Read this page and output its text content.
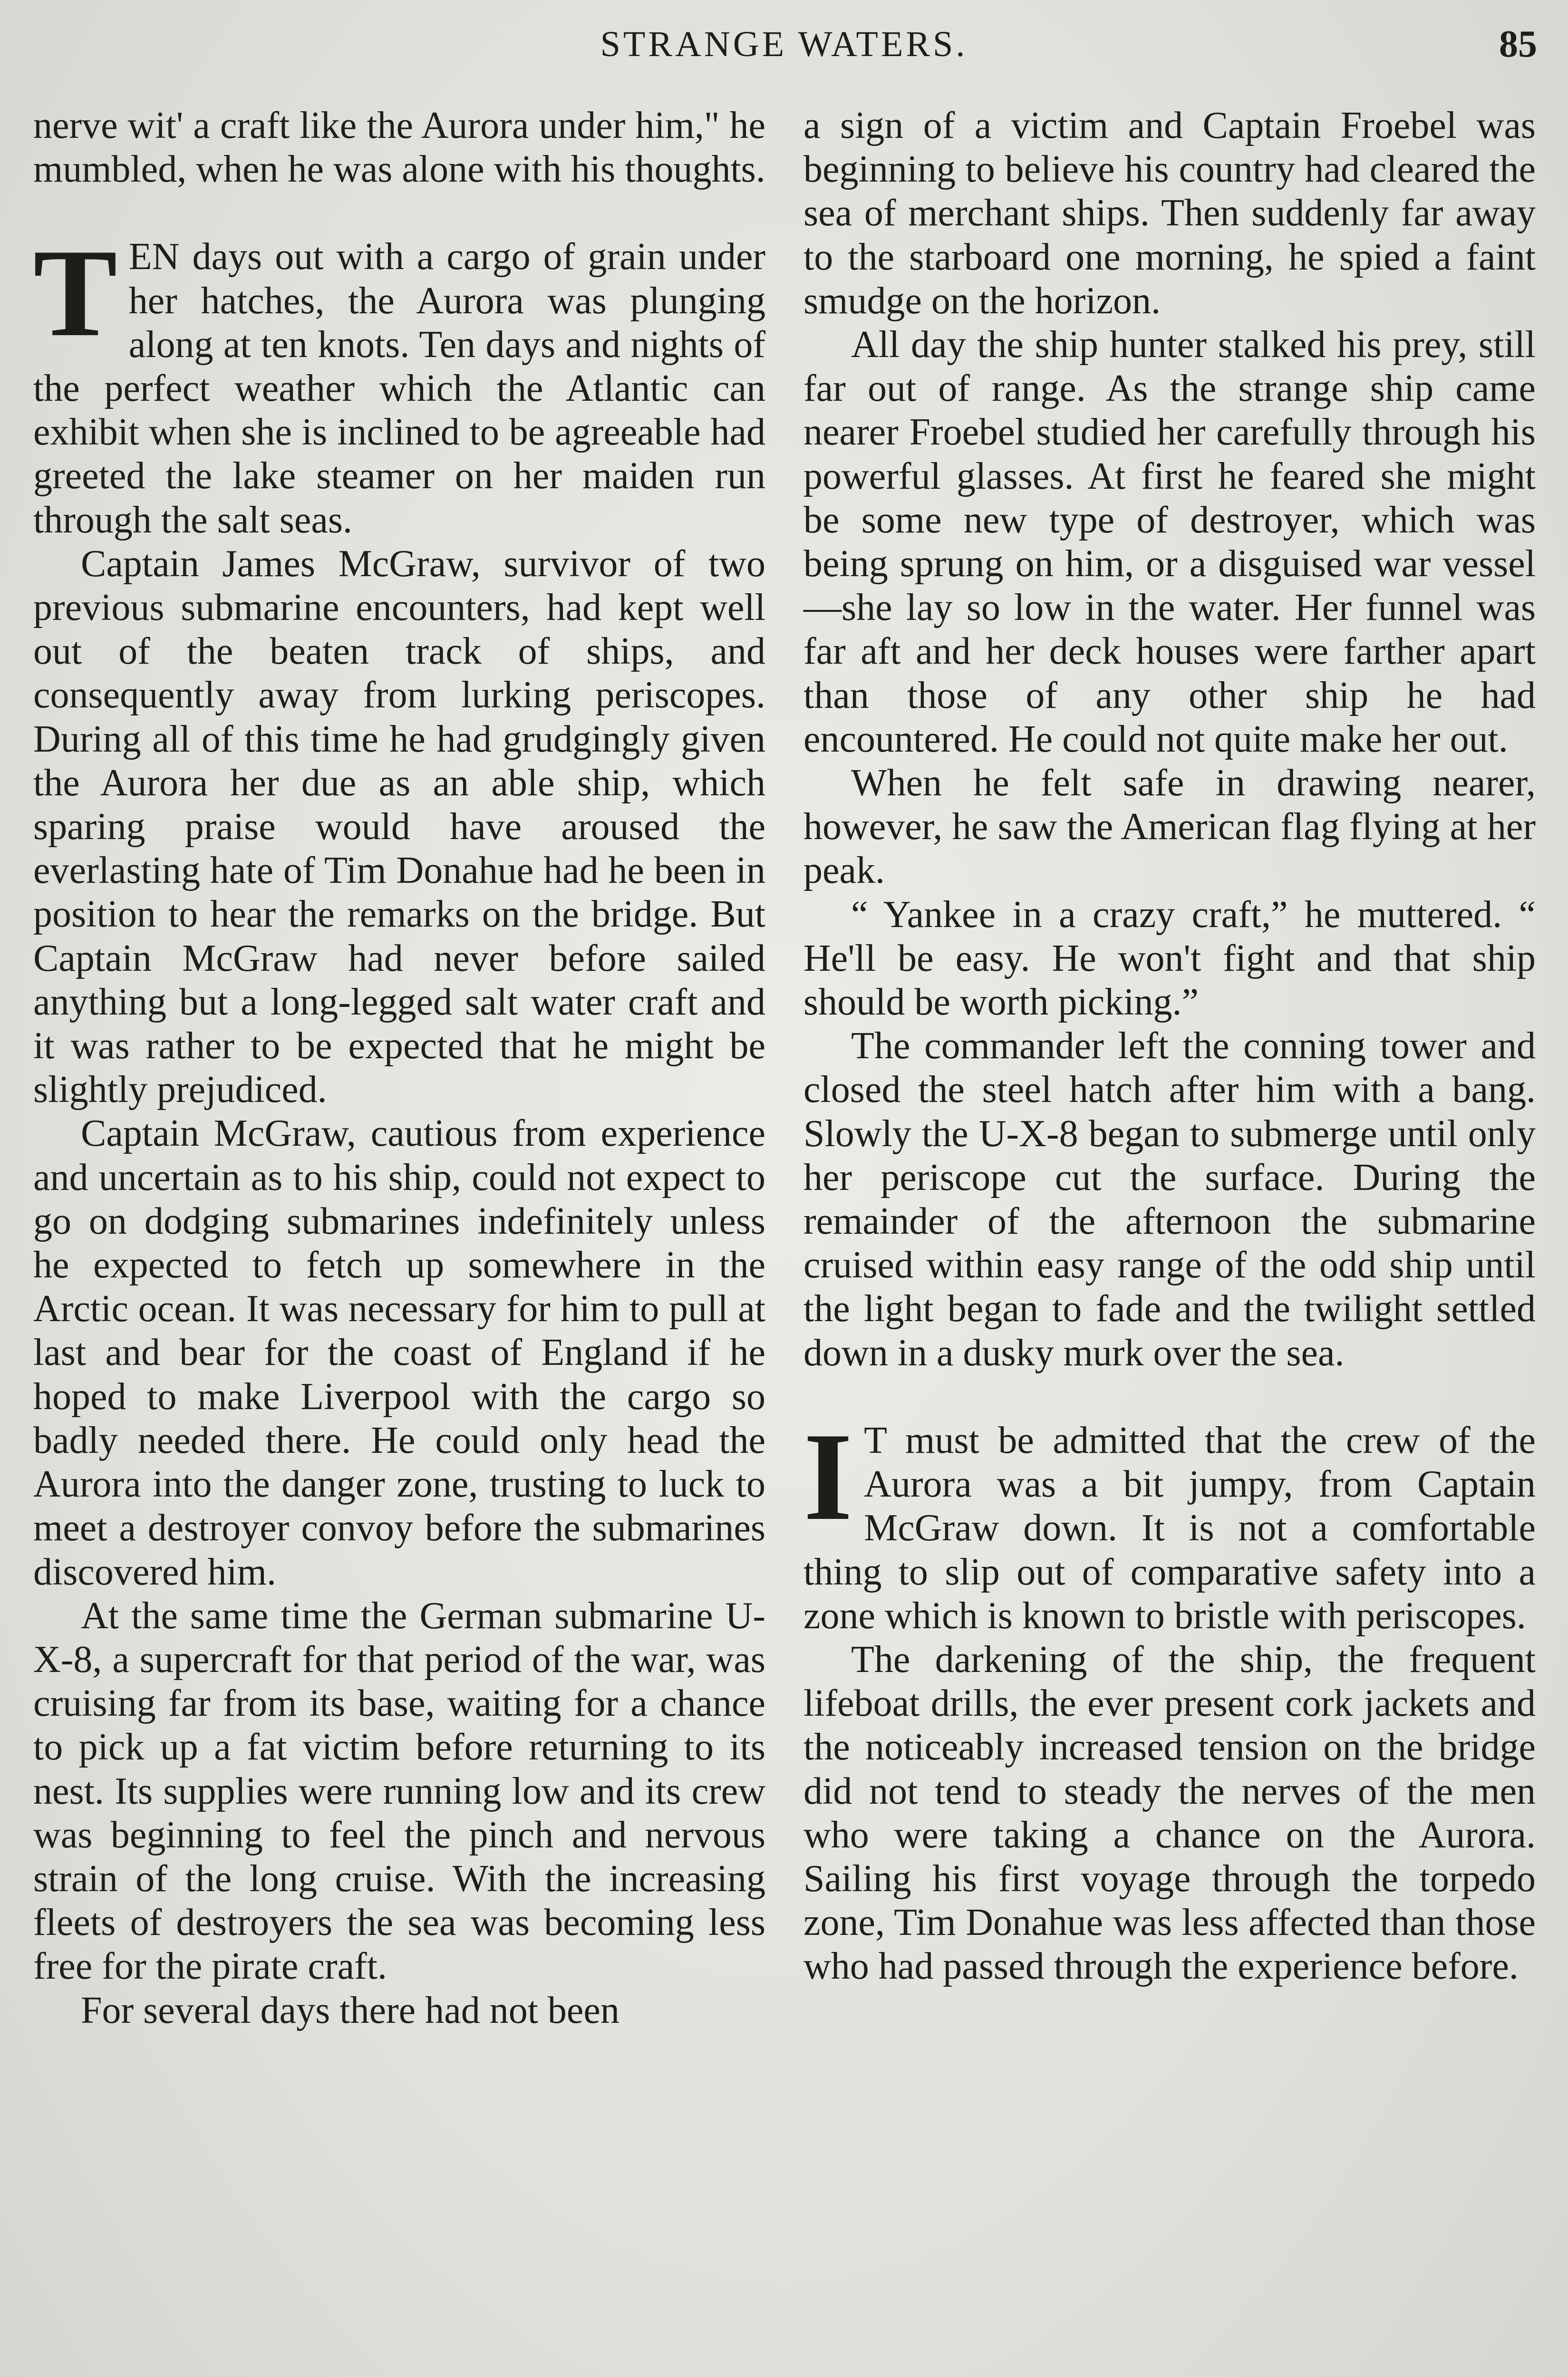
STRANGE WATERS.	85

nerve wit' a craft like the Aurora under him," he mumbled, when he was alone with his thoughts.

TEN days out with a cargo of grain under her hatches, the Aurora was plunging along at ten knots. Ten days and nights of the perfect weather which the Atlantic can exhibit when she is inclined to be agreeable had greeted the lake steamer on her maiden run through the salt seas.

Captain James McGraw, survivor of two previous submarine encounters, had kept well out of the beaten track of ships, and consequently away from lurking periscopes. During all of this time he had grudgingly given the Aurora her due as an able ship, which sparing praise would have aroused the everlasting hate of Tim Donahue had he been in position to hear the remarks on the bridge. But Captain McGraw had never before sailed anything but a long-legged salt water craft and it was rather to be expected that he might be slightly prejudiced.

Captain McGraw, cautious from experience and uncertain as to his ship, could not expect to go on dodging submarines indefinitely unless he expected to fetch up somewhere in the Arctic ocean. It was necessary for him to pull at last and bear for the coast of England if he hoped to make Liverpool with the cargo so badly needed there. He could only head the Aurora into the danger zone, trusting to luck to meet a destroyer convoy before the submarines discovered him.

At the same time the German submarine U-X-8, a supercraft for that period of the war, was cruising far from its base, waiting for a chance to pick up a fat victim before returning to its nest. Its supplies were running low and its crew was beginning to feel the pinch and nervous strain of the long cruise. With the increasing fleets of destroyers the sea was becoming less free for the pirate craft.

For several days there had not been

a sign of a victim and Captain Froebel was beginning to believe his country had cleared the sea of merchant ships. Then suddenly far away to the starboard one morning, he spied a faint smudge on the horizon.

All day the ship hunter stalked his prey, still far out of range. As the strange ship came nearer Froebel studied her carefully through his powerful glasses. At first he feared she might be some new type of destroyer, which was being sprung on him, or a disguised war vessel—she lay so low in the water. Her funnel was far aft and her deck houses were farther apart than those of any other ship he had encountered. He could not quite make her out.

When he felt safe in drawing nearer, however, he saw the American flag flying at her peak.

“ Yankee in a crazy craft,” he muttered. “ He'll be easy. He won't fight and that ship should be worth picking.”

The commander left the conning tower and closed the steel hatch after him with a bang. Slowly the U-X-8 began to submerge until only her periscope cut the surface. During the remainder of the afternoon the submarine cruised within easy range of the odd ship until the light began to fade and the twilight settled down in a dusky murk over the sea.

I T must be admitted that the crew of the Aurora was a bit jumpy, from Captain McGraw down. It is not a comfortable thing to slip out of comparative safety into a zone which is known to bristle with periscopes.

The darkening of the ship, the frequent lifeboat drills, the ever present cork jackets and the noticeably increased tension on the bridge did not tend to steady the nerves of the men who were taking a chance on the Aurora. Sailing his first voyage through the torpedo zone, Tim Donahue was less affected than those who had passed through the experience before.
